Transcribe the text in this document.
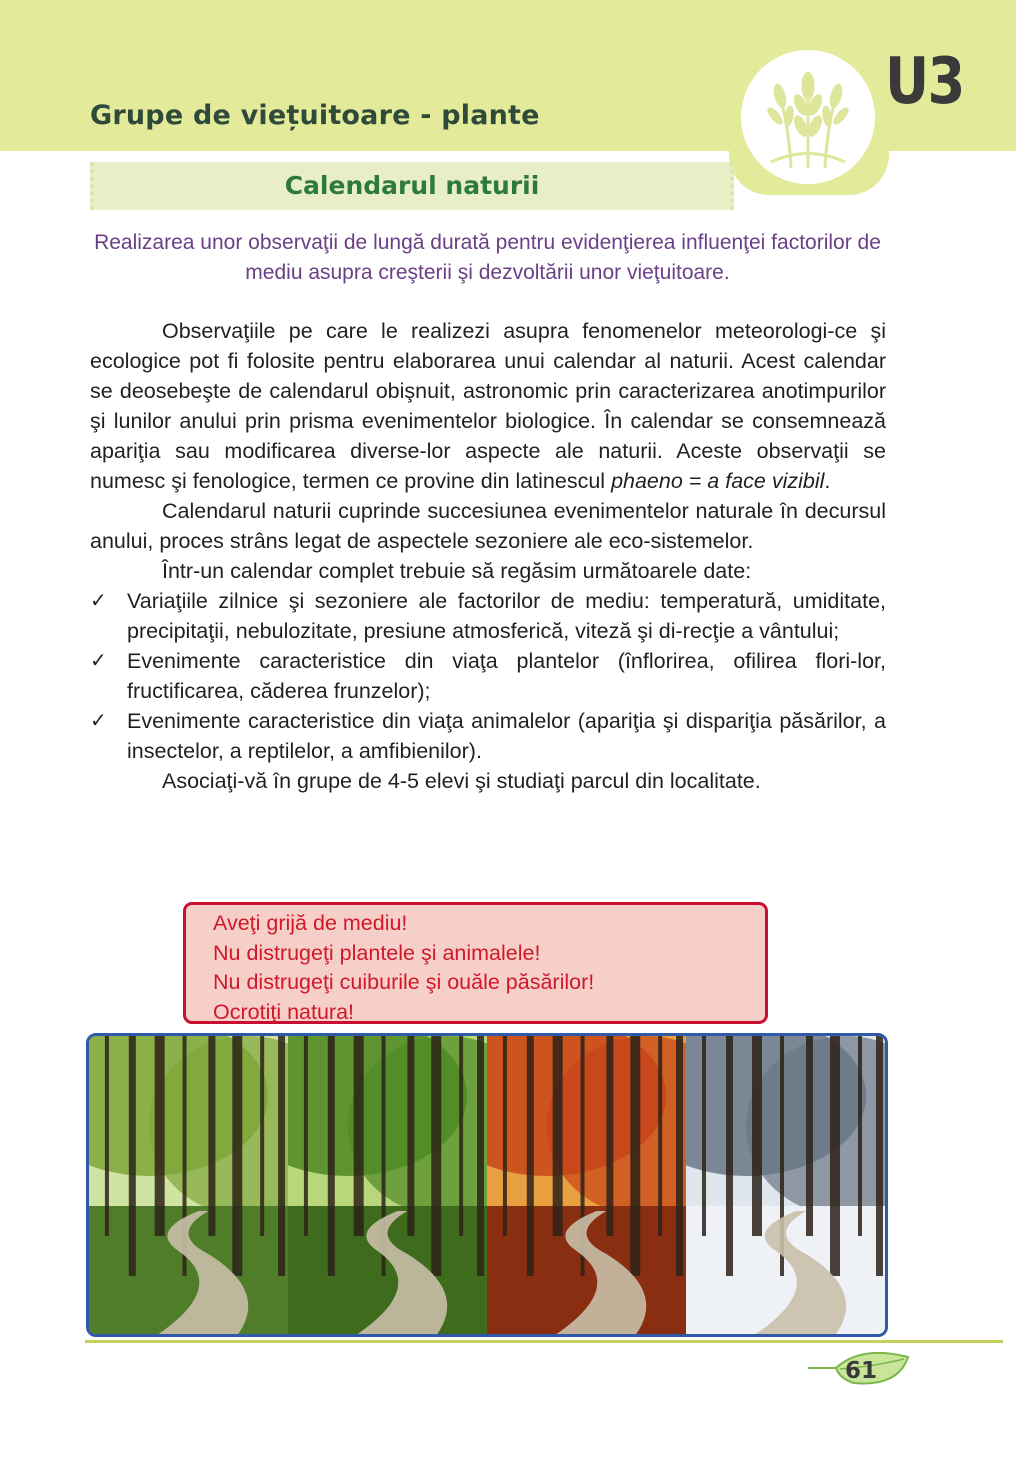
Grupe de viețuitoare - plante	U3
Calendarul naturii
Realizarea unor observaţii de lungă durată pentru evidenţierea influenţei factorilor de mediu asupra creşterii şi dezvoltării unor vieţuitoare.

Observaţiile pe care le realizezi asupra fenomenelor meteorologi-ce şi ecologice pot fi folosite pentru elaborarea unui calendar al naturii. Acest calendar se deosebeşte de calendarul obişnuit, astronomic prin caracterizarea anotimpurilor şi lunilor anului prin prisma evenimentelor biologice. În calendar se consemnează apariţia sau modificarea diverse-lor aspecte ale naturii. Aceste observaţii se numesc şi fenologice, termen ce provine din latinescul phaeno = a face vizibil.

Calendarul naturii cuprinde succesiunea evenimentelor naturale în decursul anului, proces strâns legat de aspectele sezoniere ale eco-sistemelor.

Într-un calendar complet trebuie să regăsim următoarele date:

✓ Variaţiile zilnice şi sezoniere ale factorilor de mediu: temperatură, umiditate, precipitaţii, nebulozitate, presiune atmosferică, viteză şi di-recţie a vântului;
✓ Evenimente caracteristice din viaţa plantelor (înflorirea, ofilirea flori-lor, fructificarea, căderea frunzelor);
✓ Evenimente caracteristice din viaţa animalelor (apariţia şi dispariţia păsărilor, a insectelor, a reptilelor, a amfibienilor).

Asociaţi-vă în grupe de 4-5 elevi şi studiaţi parcul din localitate.

Aveţi grijă de mediu!
Nu distrugeţi plantele şi animalele!
Nu distrugeţi cuiburile şi ouăle păsărilor!
Ocrotiţi natura!
61
